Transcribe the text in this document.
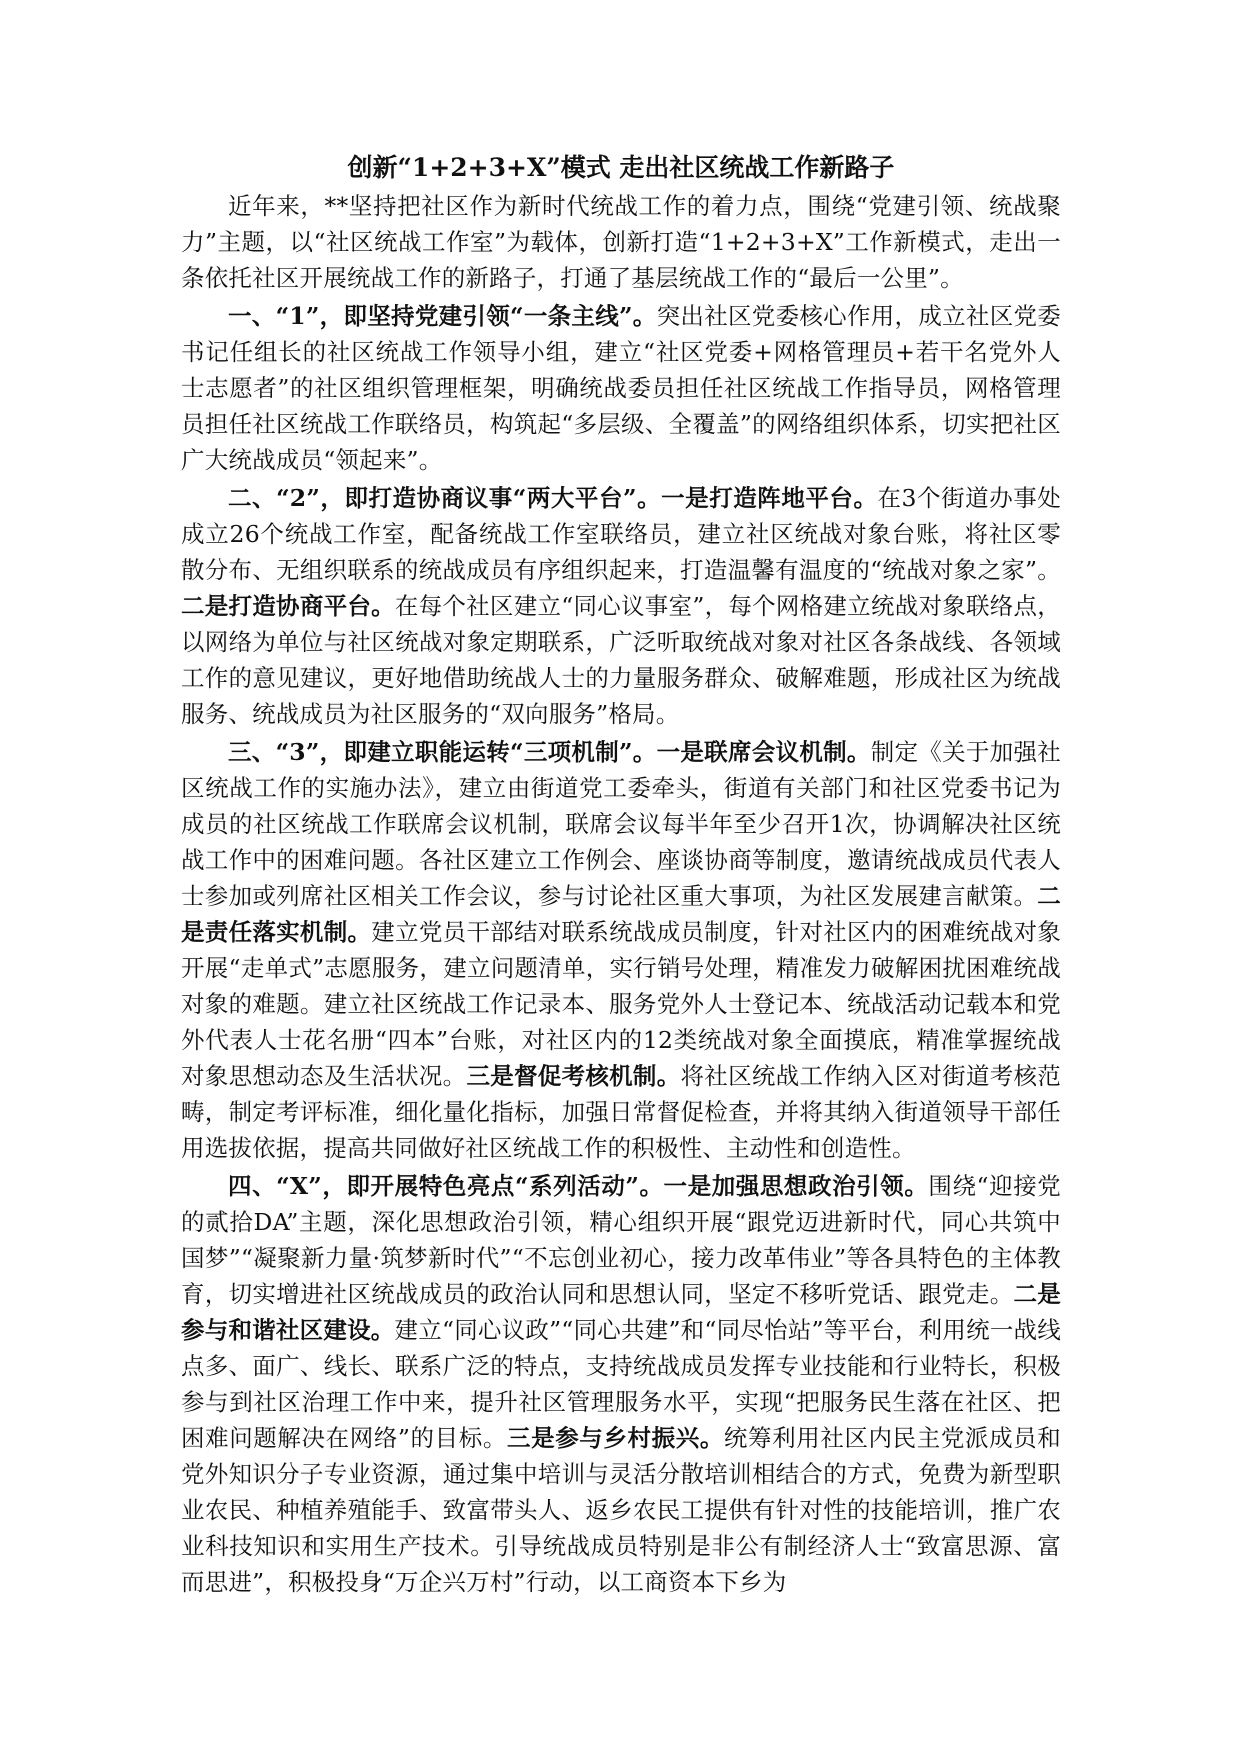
创新“1+2+3+X”模式 走出社区统战工作新路子

近年来，**坚持把社区作为新时代统战工作的着力点，围绕“党建引领、统战聚力”主题，以“社区统战工作室”为载体，创新打造“1+2+3+X”工作新模式，走出一条依托社区开展统战工作的新路子，打通了基层统战工作的“最后一公里”。

一、“1”，即坚持党建引领“一条主线”。突出社区党委核心作用，成立社区党委书记任组长的社区统战工作领导小组，建立“社区党委+网格管理员+若干名党外人士志愿者”的社区组织管理框架，明确统战委员担任社区统战工作指导员，网格管理员担任社区统战工作联络员，构筑起“多层级、全覆盖”的网络组织体系，切实把社区广大统战成员“领起来”。

二、“2”，即打造协商议事“两大平台”。一是打造阵地平台。在3个街道办事处成立26个统战工作室，配备统战工作室联络员，建立社区统战对象台账，将社区零散分布、无组织联系的统战成员有序组织起来，打造温馨有温度的“统战对象之家”。二是打造协商平台。在每个社区建立“同心议事室”，每个网格建立统战对象联络点，以网络为单位与社区统战对象定期联系，广泛听取统战对象对社区各条战线、各领域工作的意见建议，更好地借助统战人士的力量服务群众、破解难题，形成社区为统战服务、统战成员为社区服务的“双向服务”格局。

三、“3”，即建立职能运转“三项机制”。一是联席会议机制。制定《关于加强社区统战工作的实施办法》，建立由街道党工委牵头，街道有关部门和社区党委书记为成员的社区统战工作联席会议机制，联席会议每半年至少召开1次，协调解决社区统战工作中的困难问题。各社区建立工作例会、座谈协商等制度，邀请统战成员代表人士参加或列席社区相关工作会议，参与讨论社区重大事项，为社区发展建言献策。二是责任落实机制。建立党员干部结对联系统战成员制度，针对社区内的困难统战对象开展“走单式”志愿服务，建立问题清单，实行销号处理，精准发力破解困扰困难统战对象的难题。建立社区统战工作记录本、服务党外人士登记本、统战活动记载本和党外代表人士花名册“四本”台账，对社区内的12类统战对象全面摸底，精准掌握统战对象思想动态及生活状况。三是督促考核机制。将社区统战工作纳入区对街道考核范畴，制定考评标准，细化量化指标，加强日常督促检查，并将其纳入街道领导干部任用选拔依据，提高共同做好社区统战工作的积极性、主动性和创造性。

四、“X”，即开展特色亮点“系列活动”。一是加强思想政治引领。围绕“迎接党的贰拾DA”主题，深化思想政治引领，精心组织开展“跟党迈进新时代，同心共筑中国梦”“凝聚新力量·筑梦新时代”“不忘创业初心，接力改革伟业”等各具特色的主体教育，切实增进社区统战成员的政治认同和思想认同，坚定不移听党话、跟党走。二是参与和谐社区建设。建立“同心议政”“同心共建”和“同尽怡站”等平台，利用统一战线点多、面广、线长、联系广泛的特点，支持统战成员发挥专业技能和行业特长，积极参与到社区治理工作中来，提升社区管理服务水平，实现“把服务民生落在社区、把困难问题解决在网络”的目标。三是参与乡村振兴。统筹利用社区内民主党派成员和党外知识分子专业资源，通过集中培训与灵活分散培训相结合的方式，免费为新型职业农民、种植养殖能手、致富带头人、返乡农民工提供有针对性的技能培训，推广农业科技知识和实用生产技术。引导统战成员特别是非公有制经济人士“致富思源、富而思进”，积极投身“万企兴万村”行动，以工商资本下乡为
